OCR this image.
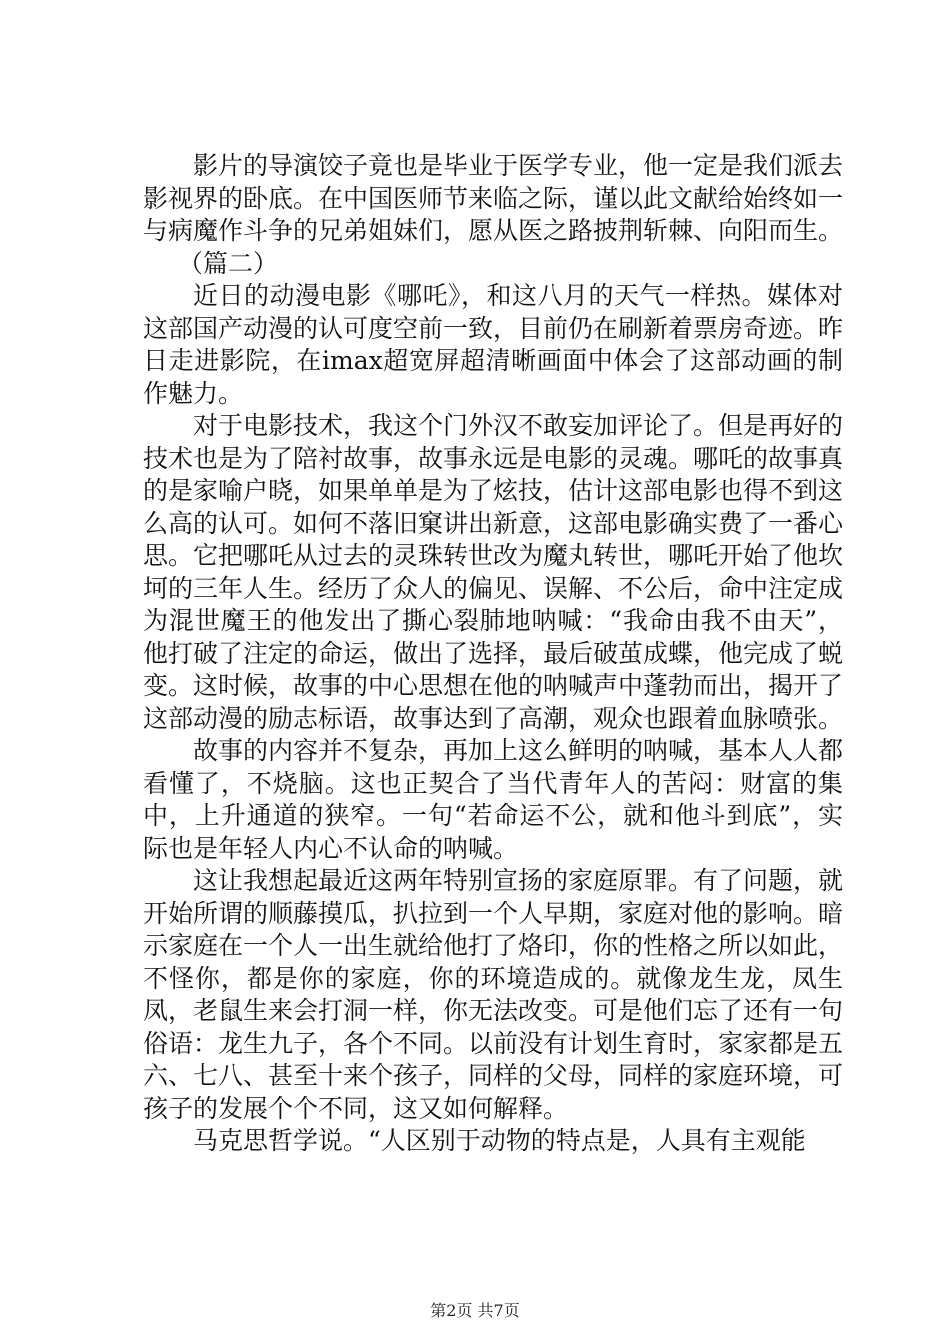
影片的导演饺子竟也是毕业于医学专业，他一定是我们派去影视界的卧底。在中国医师节来临之际，谨以此文献给始终如一与病魔作斗争的兄弟姐妹们，愿从医之路披荆斩棘、向阳而生。

（篇二）

近日的动漫电影《哪吒》，和这八月的天气一样热。媒体对这部国产动漫的认可度空前一致，目前仍在刷新着票房奇迹。昨日走进影院，在imax超宽屏超清晰画面中体会了这部动画的制作魅力。

对于电影技术，我这个门外汉不敢妄加评论了。但是再好的技术也是为了陪衬故事，故事永远是电影的灵魂。哪吒的故事真的是家喻户晓，如果单单是为了炫技，估计这部电影也得不到这么高的认可。如何不落旧窠讲出新意，这部电影确实费了一番心思。它把哪吒从过去的灵珠转世改为魔丸转世，哪吒开始了他坎坷的三年人生。经历了众人的偏见、误解、不公后，命中注定成为混世魔王的他发出了撕心裂肺地呐喊：“我命由我不由天”，他打破了注定的命运，做出了选择，最后破茧成蝶，他完成了蜕变。这时候，故事的中心思想在他的呐喊声中蓬勃而出，揭开了这部动漫的励志标语，故事达到了高潮，观众也跟着血脉喷张。

故事的内容并不复杂，再加上这么鲜明的呐喊，基本人人都看懂了，不烧脑。这也正契合了当代青年人的苦闷：财富的集中，上升通道的狭窄。一句“若命运不公，就和他斗到底”，实际也是年轻人内心不认命的呐喊。

这让我想起最近这两年特别宣扬的家庭原罪。有了问题，就开始所谓的顺藤摸瓜，扒拉到一个人早期，家庭对他的影响。暗示家庭在一个人一出生就给他打了烙印，你的性格之所以如此，不怪你，都是你的家庭，你的环境造成的。就像龙生龙，凤生凤，老鼠生来会打洞一样，你无法改变。可是他们忘了还有一句俗语：龙生九子，各个不同。以前没有计划生育时，家家都是五六、七八、甚至十来个孩子，同样的父母，同样的家庭环境，可孩子的发展个个不同，这又如何解释。

马克思哲学说。“人区别于动物的特点是，人具有主观能

第2页 共7页
